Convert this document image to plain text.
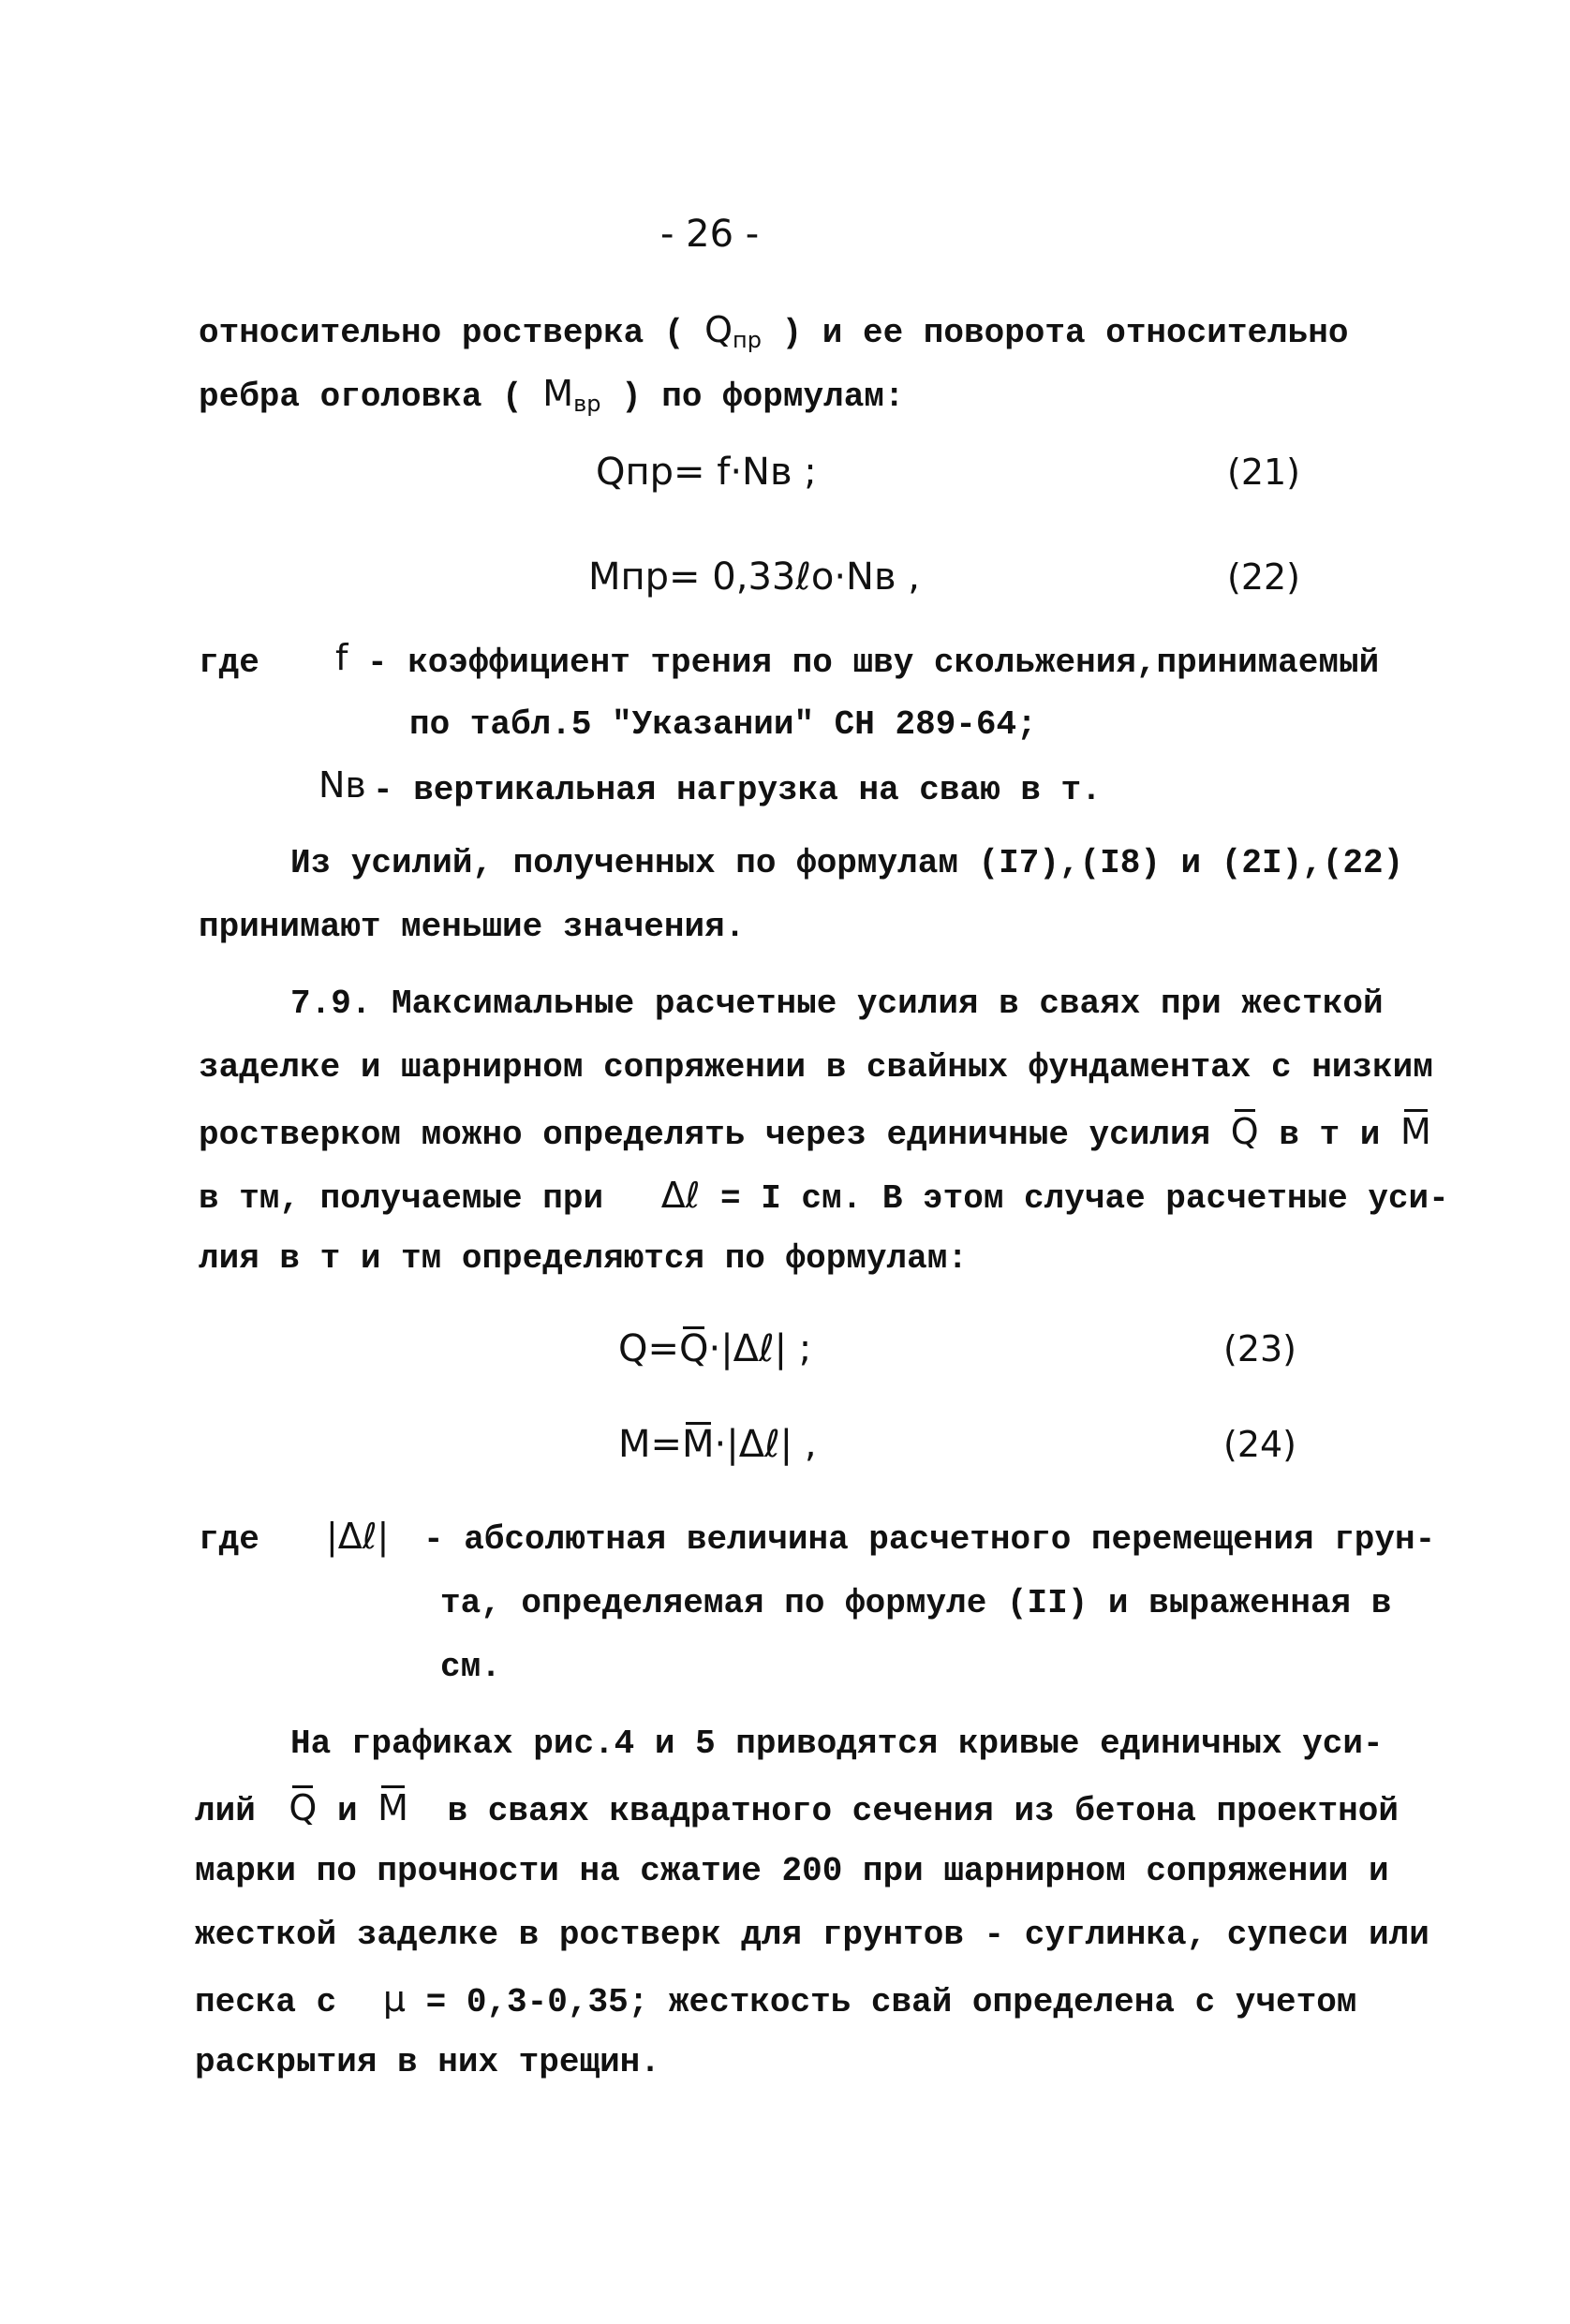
- 26 -
относительно ростверка ( $Q_{пр}$ ) и ее поворота относительно
ребра оголовка ( $M_{вр}$ ) по формулам:
Qпр= f·Nв ;	(21)
Mпр= 0,33ℓo·Nв ,	(22)
где f - коэффициент трения по шву скольжения,принимаемый
по табл.5 "Указании" СН 289-64;
Nв - вертикальная нагрузка на сваю в т.
Из усилий, полученных по формулам (I7),(I8) и (2I),(22)
принимают меньшие значения.
7.9. Максимальные расчетные усилия в сваях при жесткой
заделке и шарнирном сопряжении в свайных фундаментах с низким
ростверком можно определять через единичные усилия Q в т и M
в тм, получаемые при Δℓ = I см. В этом случае расчетные уси-
лия в т и тм определяются по формулам:
Q=Q·|Δℓ| ;	(23)
M=M·|Δℓ| ,	(24)
где |Δℓ| - абсолютная величина расчетного перемещения грун-
та, определяемая по формуле (II) и выраженная в
см.
На графиках рис.4 и 5 приводятся кривые единичных уси-
лий Q и M в сваях квадратного сечения из бетона проектной
марки по прочности на сжатие 200 при шарнирном сопряжении и
жесткой заделке в ростверк для грунтов - суглинка, супеси или
песка с μ = 0,3-0,35; жесткость свай определена с учетом
раскрытия в них трещин.
